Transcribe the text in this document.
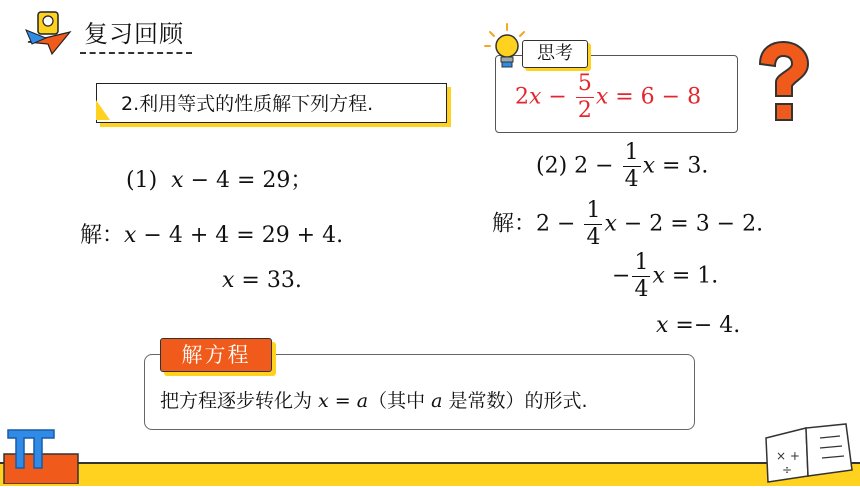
复习回顾
2.利用等式的性质解下列方程.
思考
$2x - \frac{5}{2}$ x = 6 − 8
(1) x − 4 = 29；
解：x − 4 + 4 = 29 + 4.
x = 33.
(2) $2 - \frac{1}{4}$ x = 3.
解：$2 - \frac{1}{4}$ x − 2 = 3 − 2.
− $\frac{1}{4}$ x = 1.
x =− 4.
解方程
把方程逐步转化为 x = a（其中 a 是常数）的形式.
× +
÷
